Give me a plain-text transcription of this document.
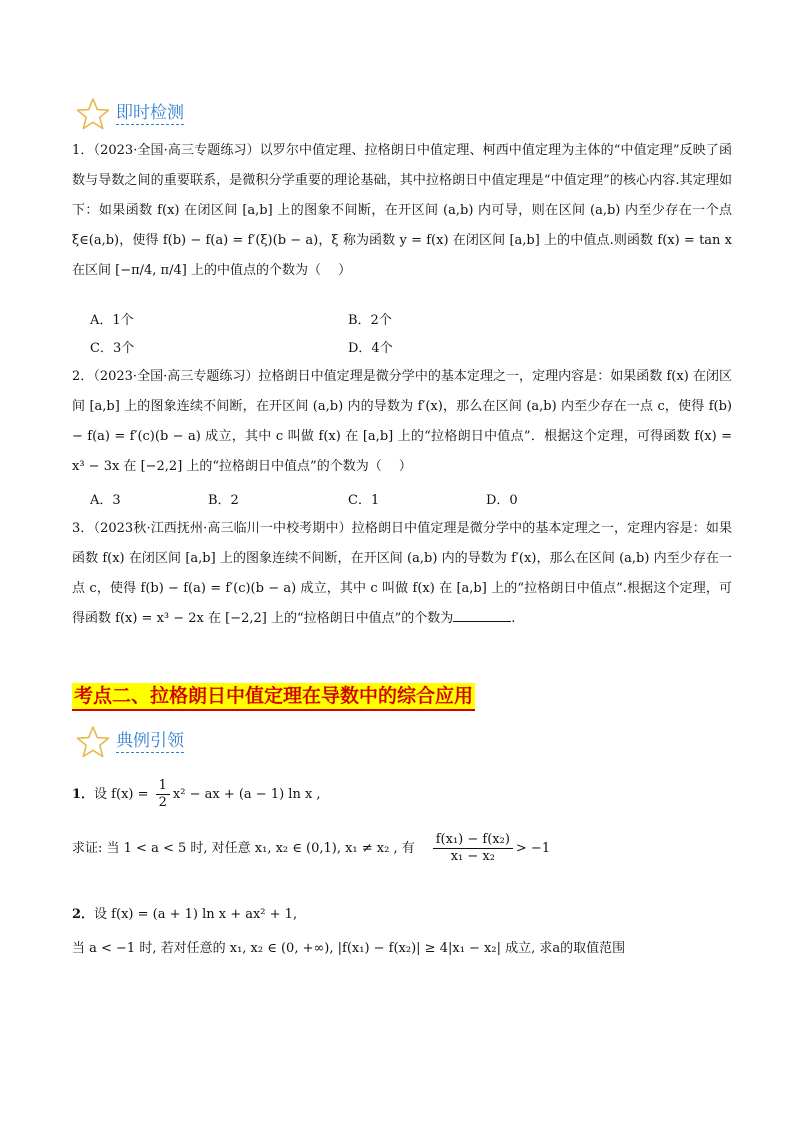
即时检测
1．（2023·全国·高三专题练习）以罗尔中值定理、拉格朗日中值定理、柯西中值定理为主体的“中值定理”反映了函数与导数之间的重要联系，是微积分学重要的理论基础，其中拉格朗日中值定理是“中值定理”的核心内容.其定理如下：如果函数 f(x) 在闭区间 [a,b] 上的图象不间断，在开区间 (a,b) 内可导，则在区间 (a,b) 内至少存在一个点 ξ∈(a,b)，使得 f(b) − f(a) = f′(ξ)(b − a)，ξ 称为函数 y = f(x) 在闭区间 [a,b] 上的中值点.则函数 f(x) = tan x 在区间 [−π/4, π/4] 上的中值点的个数为（　 ）
A．1个	B．2个
C．3个	D．4个
2．（2023·全国·高三专题练习）拉格朗日中值定理是微分学中的基本定理之一，定理内容是：如果函数 f(x) 在闭区间 [a,b] 上的图象连续不间断，在开区间 (a,b) 内的导数为 f′(x)，那么在区间 (a,b) 内至少存在一点 c，使得 f(b) − f(a) = f′(c)(b − a) 成立，其中 c 叫做 f(x) 在 [a,b] 上的“拉格朗日中值点”．根据这个定理，可得函数 f(x) = x³ − 3x 在 [−2,2] 上的“拉格朗日中值点”的个数为（　 ）
A．3	B．2	C．1	D．0
3．（2023秋·江西抚州·高三临川一中校考期中）拉格朗日中值定理是微分学中的基本定理之一，定理内容是：如果函数 f(x) 在闭区间 [a,b] 上的图象连续不间断，在开区间 (a,b) 内的导数为 f′(x)，那么在区间 (a,b) 内至少存在一点 c，使得 f(b) − f(a) = f′(c)(b − a) 成立，其中 c 叫做 f(x) 在 [a,b] 上的“拉格朗日中值点”.根据这个定理，可得函数 f(x) = x³ − 2x 在 [−2,2] 上的“拉格朗日中值点”的个数为	.
考点二、拉格朗日中值定理在导数中的综合应用
典例引领
1．设 $f(x) = \frac{1}{2} x^2$ − ax + (a − 1) ln x ,
求证: 当 1 < a < 5 时, 对任意 x₁, x₂ ∈ (0,1), x₁ ≠ x₂ , 有 $\frac{\text{f(x₁) − f(x₂)}}{\text{x₁ − x₂}} > -1$
2．设 f(x) = (a + 1) ln x + ax² + 1,
当 a < −1 时, 若对任意的 x₁, x₂ ∈ (0, +∞), |f(x₁) − f(x₂)| ≥ 4|x₁ − x₂| 成立, 求a的取值范围
